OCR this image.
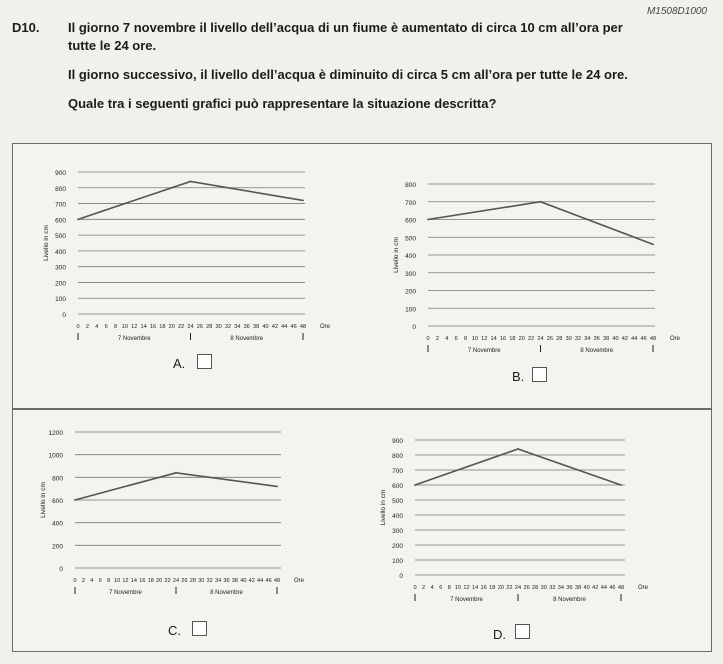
M1508D1000
D10. Il giorno 7 novembre il livello dell’acqua di un fiume è aumentato di circa 10 cm all’ora per
tutte le 24 ore.
Il giorno successivo, il livello dell’acqua è diminuito di circa 5 cm all’ora per tutte le 24 ore.
Quale tra i seguenti grafici può rappresentare la situazione descritta?
0
100
200
300
400
500
600
700
800
900
Livello in cm
0 2 4 6 8 10 12 14 16 18 20 22 24 26 28 30 32 34 36 38 40 42 44 46 48 Ore
7 Novembre	8 Novembre
0
100
200
300
400
500
600
700
800
Livello in cm
0 2 4 6 8 10 12 14 16 18 20 22 24 26 28 30 32 34 36 38 40 42 44 46 48 Ore
7 Novembre	8 Novembre
A.
B.
0
200
400
600
800
1000
1200
Livello in cm
0 2 4 6 8 10 12 14 16 18 20 22 24 26 28 30 32 34 36 38 40 42 44 46 48 Ore
7 Novembre	8 Novembre
0
100
200
300
400
500
600
700
800
900
Livello in cm
0 2 4 6 8 10 12 14 16 18 20 22 24 26 28 30 32 34 36 38 40 42 44 46 48 Ore
7 Novembre	8 Novembre
C.	D.
